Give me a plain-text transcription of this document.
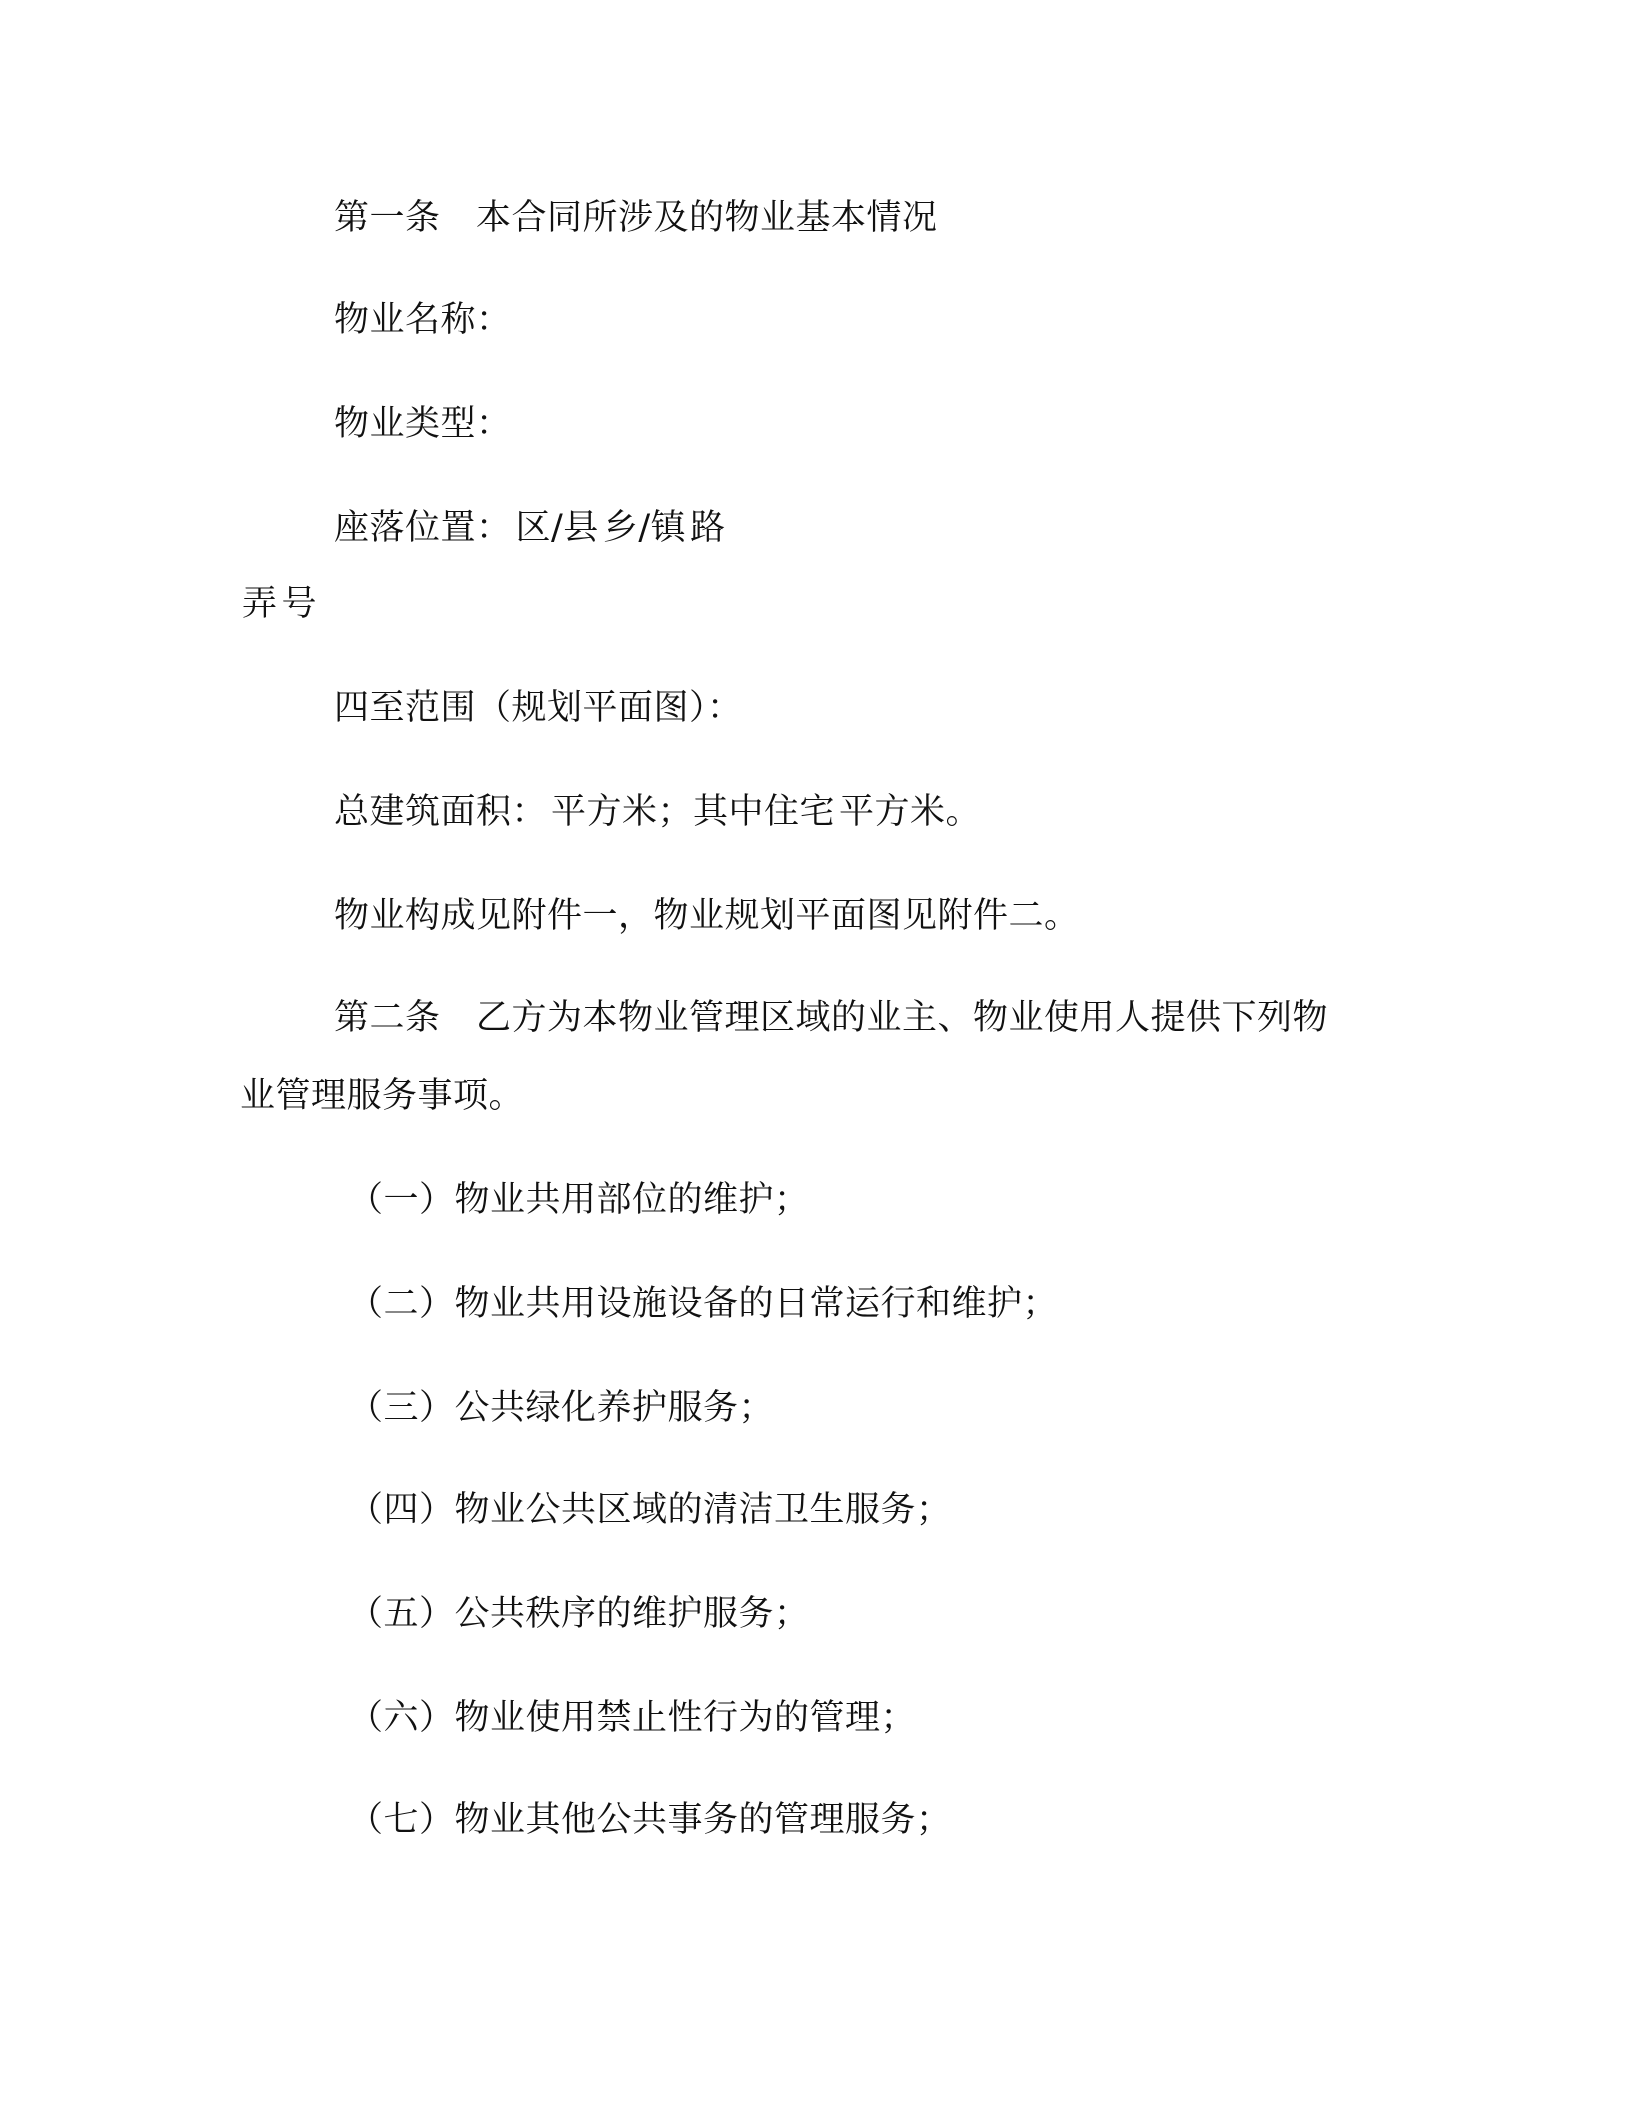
第一条　本合同所涉及的物业基本情况
物业名称：
物业类型：
座落位置： 区/县 乡/镇 路
弄 号
四至范围（规划平面图）：
总建筑面积： 平方米；其中住宅 平方米。
物业构成见附件一，物业规划平面图见附件二。
第二条　乙方为本物业管理区域的业主、物业使用人提供下列物
业管理服务事项。
（一）物业共用部位的维护；
（二）物业共用设施设备的日常运行和维护；
（三）公共绿化养护服务；
（四）物业公共区域的清洁卫生服务；
（五）公共秩序的维护服务；
（六）物业使用禁止性行为的管理；
（七）物业其他公共事务的管理服务；
